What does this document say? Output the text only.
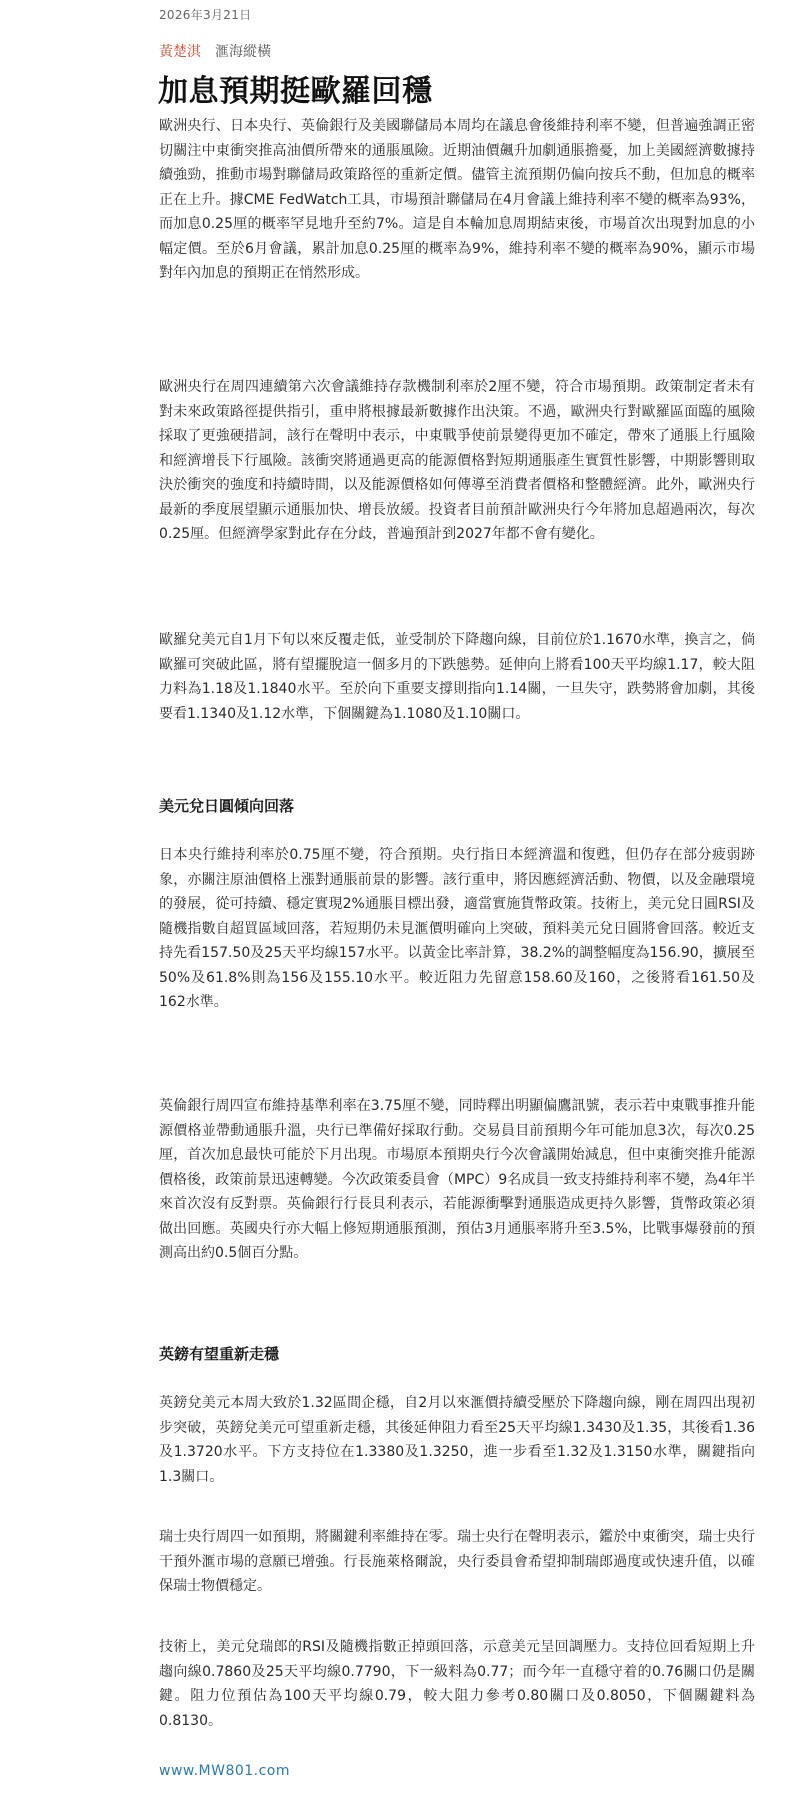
2026年3月21日
黃楚淇 滙海縱橫
加息預期挺歐羅回穩

歐洲央行、日本央行、英倫銀行及美國聯儲局本周均在議息會後維持利率不變，但普遍強調正密切關注中東衝突推高油價所帶來的通脹風險。近期油價飆升加劇通脹擔憂，加上美國經濟數據持續強勁，推動市場對聯儲局政策路徑的重新定價。儘管主流預期仍偏向按兵不動，但加息的概率正在上升。據CME FedWatch工具，市場預計聯儲局在4月會議上維持利率不變的概率為93%，而加息0.25厘的概率罕見地升至約7%。這是自本輪加息周期結束後，市場首次出現對加息的小幅定價。至於6月會議，累計加息0.25厘的概率為9%，維持利率不變的概率為90%，顯示市場對年內加息的預期正在悄然形成。

歐洲央行在周四連續第六次會議維持存款機制利率於2厘不變，符合市場預期。政策制定者未有對未來政策路徑提供指引，重申將根據最新數據作出決策。不過，歐洲央行對歐羅區面臨的風險採取了更強硬措詞，該行在聲明中表示，中東戰爭使前景變得更加不確定，帶來了通脹上行風險和經濟增長下行風險。該衝突將通過更高的能源價格對短期通脹產生實質性影響，中期影響則取決於衝突的強度和持續時間，以及能源價格如何傳導至消費者價格和整體經濟。此外，歐洲央行最新的季度展望顯示通脹加快、增長放緩。投資者目前預計歐洲央行今年將加息超過兩次，每次0.25厘。但經濟學家對此存在分歧，普遍預計到2027年都不會有變化。

歐羅兌美元自1月下旬以來反覆走低，並受制於下降趨向線，目前位於1.1670水準，換言之，倘歐羅可突破此區，將有望擺脫這一個多月的下跌態勢。延伸向上將看100天平均線1.17，較大阻力料為1.18及1.1840水平。至於向下重要支撐則指向1.14關，一旦失守，跌勢將會加劇，其後要看1.1340及1.12水準，下個關鍵為1.1080及1.10關口。

美元兌日圓傾向回落

日本央行維持利率於0.75厘不變，符合預期。央行指日本經濟溫和復甦，但仍存在部分疲弱跡象，亦關注原油價格上漲對通脹前景的影響。該行重申，將因應經濟活動、物價，以及金融環境的發展，從可持續、穩定實現2%通脹目標出發，適當實施貨幣政策。技術上，美元兌日圓RSI及隨機指數自超買區域回落，若短期仍未見滙價明確向上突破，預料美元兌日圓將會回落。較近支持先看157.50及25天平均線157水平。以黃金比率計算，38.2%的調整幅度為156.90，擴展至50%及61.8%則為156及155.10水平。較近阻力先留意158.60及160，之後將看161.50及162水準。

英倫銀行周四宣布維持基準利率在3.75厘不變，同時釋出明顯偏鷹訊號，表示若中東戰事推升能源價格並帶動通脹升溫，央行已準備好採取行動。交易員目前預期今年可能加息3次，每次0.25厘，首次加息最快可能於下月出現。市場原本預期央行今次會議開始減息，但中東衝突推升能源價格後，政策前景迅速轉變。今次政策委員會（MPC）9名成員一致支持維持利率不變，為4年半來首次沒有反對票。英倫銀行行長貝利表示，若能源衝擊對通脹造成更持久影響，貨幣政策必須做出回應。英國央行亦大幅上修短期通脹預測，預估3月通脹率將升至3.5%，比戰事爆發前的預測高出約0.5個百分點。

英鎊有望重新走穩

英鎊兌美元本周大致於1.32區間企穩，自2月以來滙價持續受壓於下降趨向線，剛在周四出現初步突破，英鎊兌美元可望重新走穩，其後延伸阻力看至25天平均線1.3430及1.35，其後看1.36及1.3720水平。下方支持位在1.3380及1.3250，進一步看至1.32及1.3150水準，關鍵指向1.3關口。

瑞士央行周四一如預期，將關鍵利率維持在零。瑞士央行在聲明表示，鑑於中東衝突，瑞士央行干預外滙市場的意願已增強。行長施萊格爾說，央行委員會希望抑制瑞郎過度或快速升值，以確保瑞士物價穩定。

技術上，美元兌瑞郎的RSI及隨機指數正掉頭回落，示意美元呈回調壓力。支持位回看短期上升趨向線0.7860及25天平均線0.7790，下一級料為0.77；而今年一直穩守着的0.76關口仍是關鍵。阻力位預估為100天平均線0.79，較大阻力參考0.80關口及0.8050，下個關鍵料為0.8130。

www.MW801.com
